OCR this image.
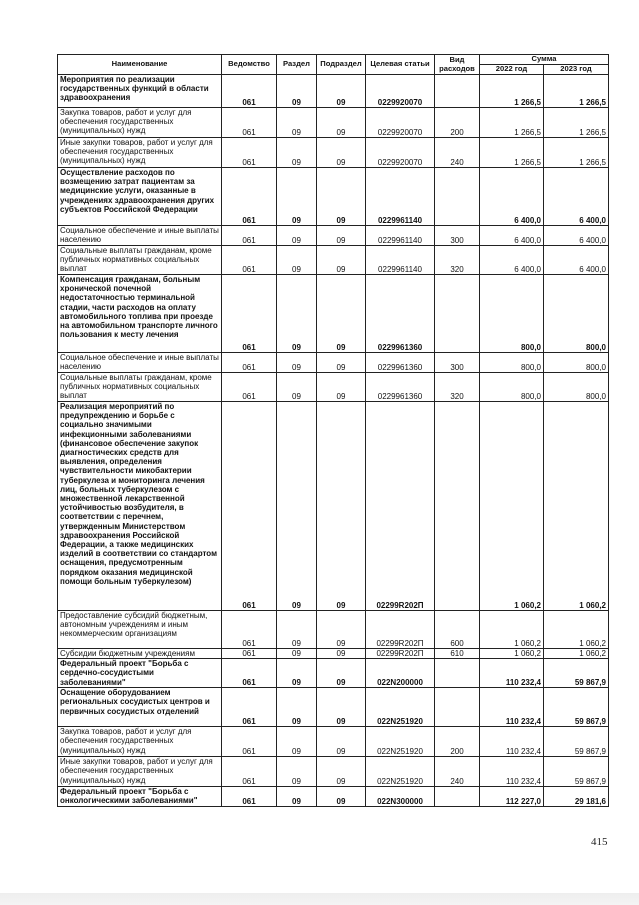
Наименование	Ведомство	Раздел	Подраздел	Целевая статьи	Вид расходов	Сумма	
						2022 год	2023 год
Мероприятия по реализации государственных функций в области здравоохранения	061	09	09	0229920070		1 266,5	1 266,5
Закупка товаров, работ и услуг для обеспечения государственных (муниципальных) нужд	061	09	09	0229920070	200	1 266,5	1 266,5
Иные закупки товаров, работ и услуг для обеспечения государственных (муниципальных) нужд	061	09	09	0229920070	240	1 266,5	1 266,5
Осуществление расходов по возмещению затрат пациентам за медицинские услуги, оказанные в учреждениях здравоохранения других субъектов Российской Федерации	061	09	09	0229961140		6 400,0	6 400,0
Социальное обеспечение и иные выплаты населению	061	09	09	0229961140	300	6 400,0	6 400,0
Социальные выплаты гражданам, кроме публичных нормативных социальных выплат	061	09	09	0229961140	320	6 400,0	6 400,0
Компенсация гражданам, больным хронической почечной недостаточностью терминальной стадии, части расходов на оплату автомобильного топлива при проезде на автомобильном транспорте личного пользования к месту лечения	061	09	09	0229961360		800,0	800,0
Социальное обеспечение и иные выплаты населению	061	09	09	0229961360	300	800,0	800,0
Социальные выплаты гражданам, кроме публичных нормативных социальных выплат	061	09	09	0229961360	320	800,0	800,0
Реализация мероприятий по предупреждению и борьбе с социально значимыми инфекционными заболеваниями (финансовое обеспечение закупок диагностических средств для выявления, определения чувствительности микобактерии туберкулеза и мониторинга лечения лиц, больных туберкулезом с множественной лекарственной устойчивостью возбудителя, в соответствии с перечнем, утвержденным Министерством здравоохранения Российской Федерации, а также медицинских изделий в соответствии со стандартом оснащения, предусмотренным порядком оказания медицинской помощи больным туберкулезом)	061	09	09	02299R202П		1 060,2	1 060,2
Предоставление субсидий бюджетным, автономным учреждениям и иным некоммерческим организациям	061	09	09	02299R202П	600	1 060,2	1 060,2
Субсидии бюджетным учреждениям	061	09	09	02299R202П	610	1 060,2	1 060,2
Федеральный проект "Борьба с сердечно-сосудистыми заболеваниями"	061	09	09	022N200000		110 232,4	59 867,9
Оснащение оборудованием региональных сосудистых центров и первичных сосудистых отделений	061	09	09	022N251920		110 232,4	59 867,9
Закупка товаров, работ и услуг для обеспечения государственных (муниципальных) нужд	061	09	09	022N251920	200	110 232,4	59 867,9
Иные закупки товаров, работ и услуг для обеспечения государственных (муниципальных) нужд	061	09	09	022N251920	240	110 232,4	59 867,9
Федеральный проект "Борьба с онкологическими заболеваниями"	061	09	09	022N300000		112 227,0	29 181,6
415
